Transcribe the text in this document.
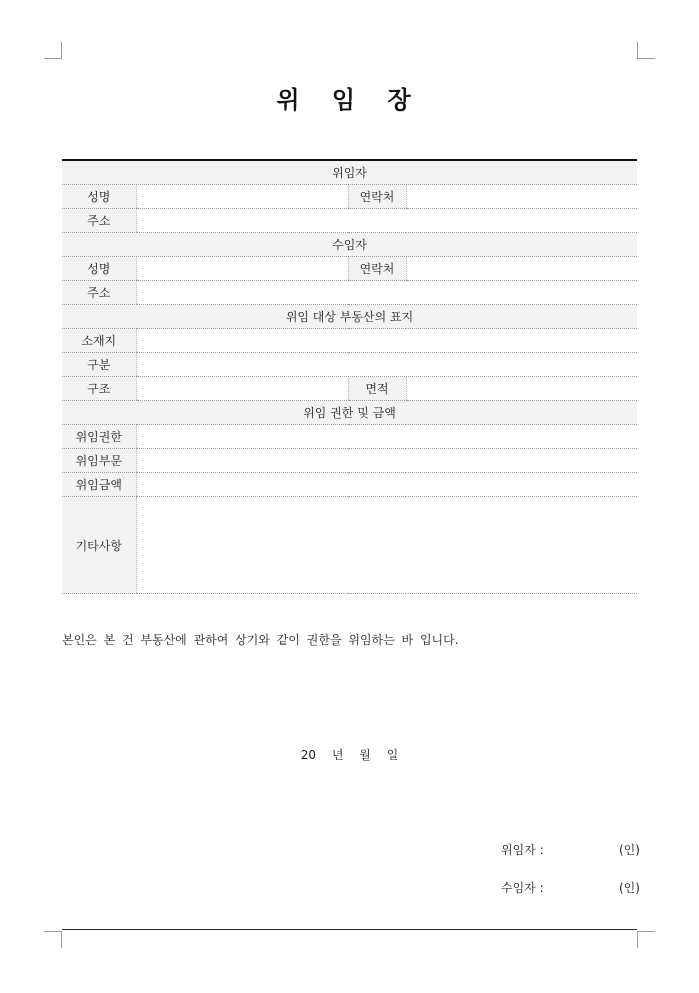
위 임 장
위임자			
성명		연락처	
주소			
수임자			
성명		연락처	
주소			
위임 대상 부동산의 표지			
소재지			
구분			
구조		면적	
위임 권한 및 금액			
위임권한			
위임부문			
위임금액			
기타사항			
본인은 본 건 부동산에 관하여 상기와 같이 권한을 위임하는 바 입니다.
20 년 월 일
위임자 :	(인)
수임자 :	(인)
